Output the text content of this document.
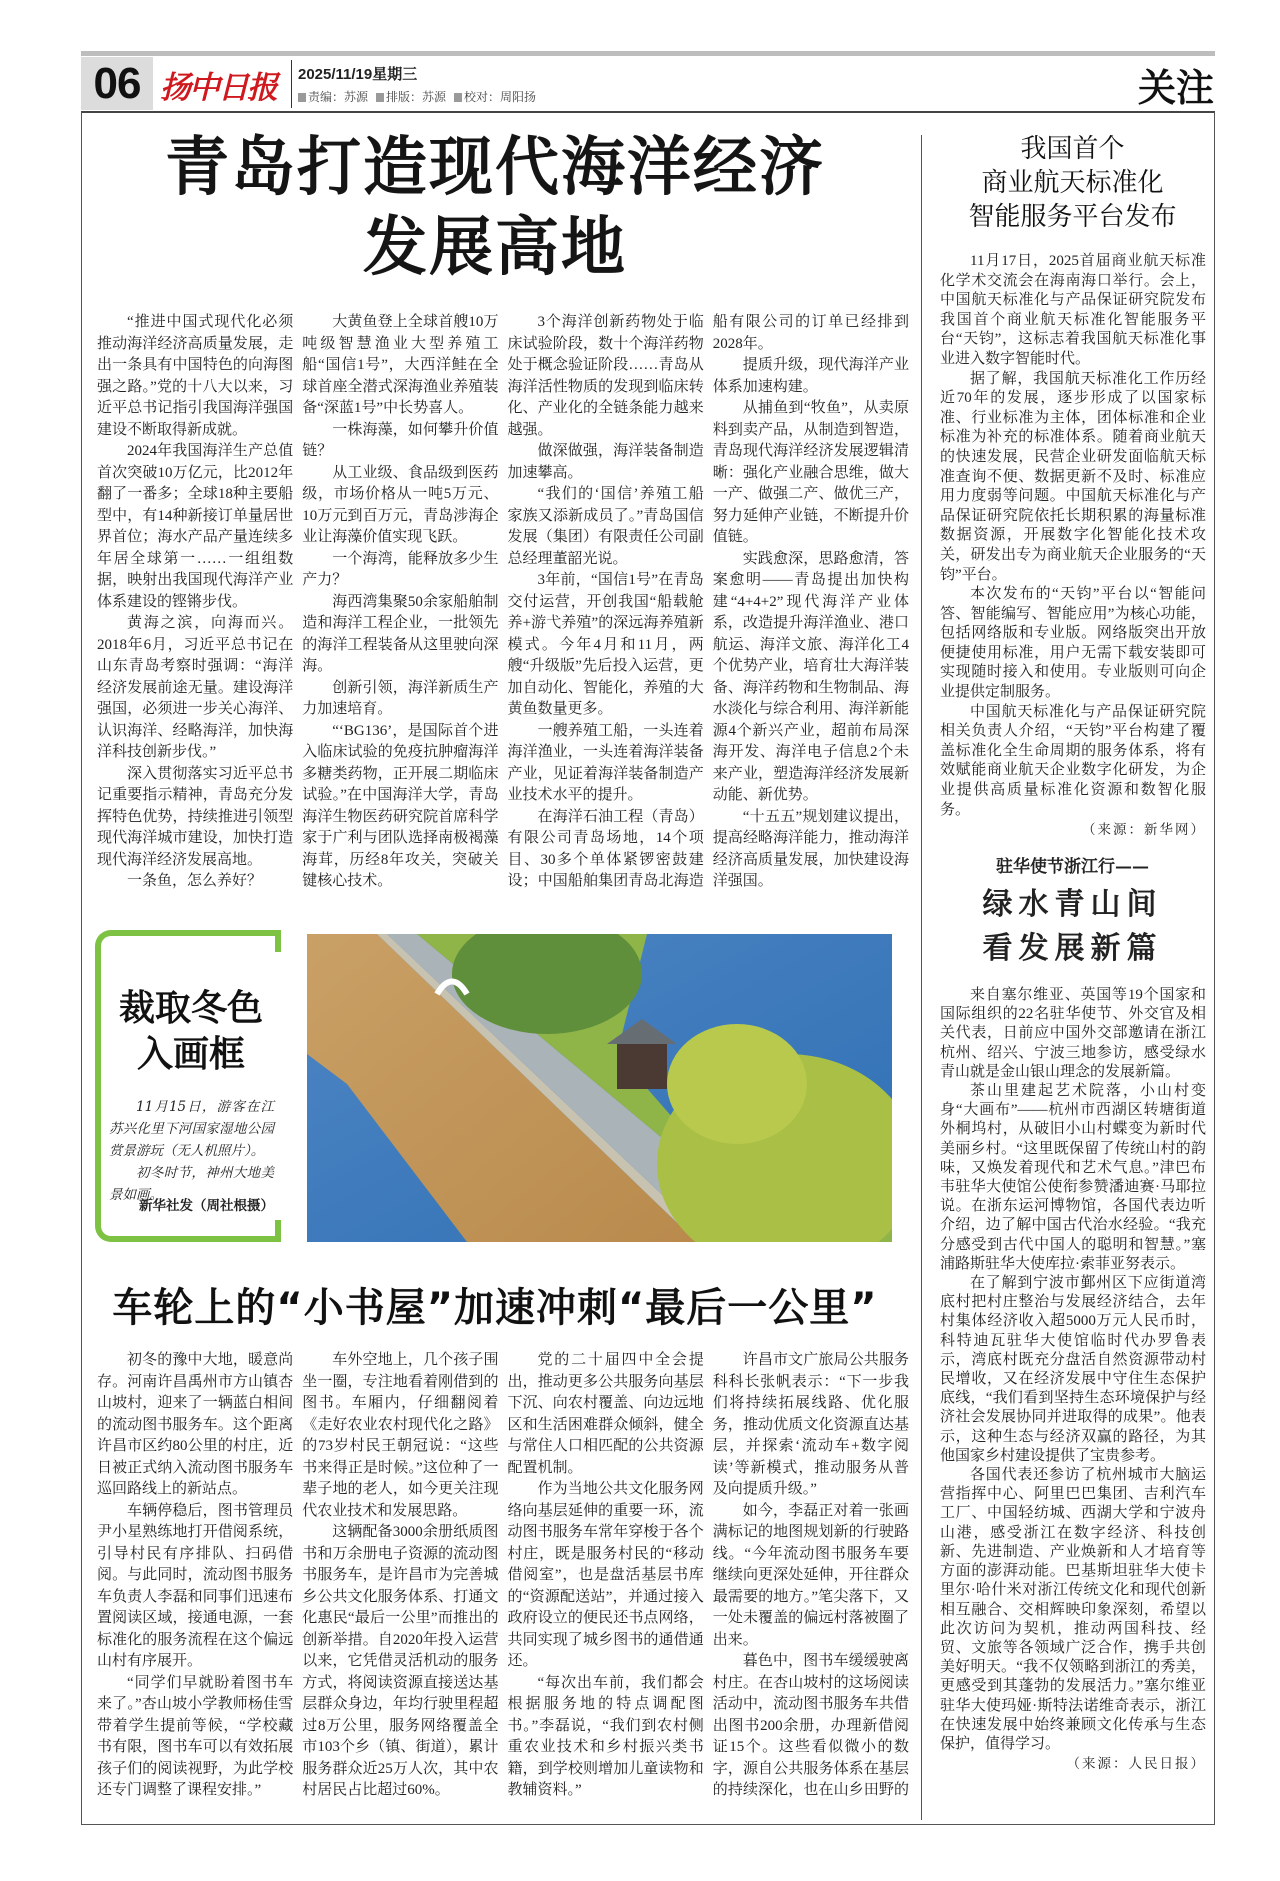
06 扬中日报 2025/11/19星期三
责编：苏源	排版：苏源	校对：周阳扬	关注
青岛打造现代海洋经济
发展高地

“推进中国式现代化必须推动海洋经济高质量发展，走出一条具有中国特色的向海图强之路。”党的十八大以来，习近平总书记指引我国海洋强国建设不断取得新成就。

2024年我国海洋生产总值首次突破10万亿元，比2012年翻了一番多；全球18种主要船型中，有14种新接订单量居世界首位；海水产品产量连续多年居全球第一……一组组数据，映射出我国现代海洋产业体系建设的铿锵步伐。

黄海之滨，向海而兴。2018年6月，习近平总书记在山东青岛考察时强调：“海洋经济发展前途无量。建设海洋强国，必须进一步关心海洋、认识海洋、经略海洋，加快海洋科技创新步伐。”

深入贯彻落实习近平总书记重要指示精神，青岛充分发挥特色优势，持续推进引领型现代海洋城市建设，加快打造现代海洋经济发展高地。

一条鱼，怎么养好？

大黄鱼登上全球首艘10万吨级智慧渔业大型养殖工船“国信1号”，大西洋鲑在全球首座全潜式深海渔业养殖装备“深蓝1号”中长势喜人。

一株海藻，如何攀升价值链？

从工业级、食品级到医药级，市场价格从一吨5万元、10万元到百万元，青岛涉海企业让海藻价值实现飞跃。

一个海湾，能释放多少生产力？

海西湾集聚50余家船舶制造和海洋工程企业，一批领先的海洋工程装备从这里驶向深海。

创新引领，海洋新质生产力加速培育。

“‘BG136’，是国际首个进入临床试验的免疫抗肿瘤海洋多糖类药物，正开展二期临床试验。”在中国海洋大学，青岛海洋生物医药研究院首席科学家于广利与团队选择南极褐藻海茸，历经8年攻关，突破关键核心技术。

3个海洋创新药物处于临床试验阶段，数十个海洋药物处于概念验证阶段……青岛从海洋活性物质的发现到临床转化、产业化的全链条能力越来越强。

做深做强，海洋装备制造加速攀高。

“我们的‘国信’养殖工船家族又添新成员了。”青岛国信发展（集团）有限责任公司副总经理董韶光说。

3年前，“国信1号”在青岛交付运营，开创我国“船载舱养+游弋养殖”的深远海养殖新模式。今年4月和11月，两艘“升级版”先后投入运营，更加自动化、智能化，养殖的大黄鱼数量更多。

一艘养殖工船，一头连着海洋渔业，一头连着海洋装备产业，见证着海洋装备制造产业技术水平的提升。

在海洋石油工程（青岛）有限公司青岛场地，14个项目、30多个单体紧锣密鼓建设；中国船舶集团青岛北海造船有限公司的订单已经排到2028年。

提质升级，现代海洋产业体系加速构建。

从捕鱼到“牧鱼”，从卖原料到卖产品，从制造到智造，青岛现代海洋经济发展逻辑清晰：强化产业融合思维，做大一产、做强二产、做优三产，努力延伸产业链，不断提升价值链。

实践愈深，思路愈清，答案愈明——青岛提出加快构建“4+4+2”现代海洋产业体系，改造提升海洋渔业、港口航运、海洋文旅、海洋化工4个优势产业，培育壮大海洋装备、海洋药物和生物制品、海水淡化与综合利用、海洋新能源4个新兴产业，超前布局深海开发、海洋电子信息2个未来产业，塑造海洋经济发展新动能、新优势。

“十五五”规划建议提出，提高经略海洋能力，推动海洋经济高质量发展，加快建设海洋强国。

我国首个
商业航天标准化
智能服务平台发布

11月17日，2025首届商业航天标准化学术交流会在海南海口举行。会上，中国航天标准化与产品保证研究院发布我国首个商业航天标准化智能服务平台“天钧”，这标志着我国航天标准化事业进入数字智能时代。

据了解，我国航天标准化工作历经近70年的发展，逐步形成了以国家标准、行业标准为主体，团体标准和企业标准为补充的标准体系。随着商业航天的快速发展，民营企业研发面临航天标准查询不便、数据更新不及时、标准应用力度弱等问题。中国航天标准化与产品保证研究院依托长期积累的海量标准数据资源，开展数字化智能化技术攻关，研发出专为商业航天企业服务的“天钧”平台。

本次发布的“天钧”平台以“智能问答、智能编写、智能应用”为核心功能，包括网络版和专业版。网络版突出开放便捷使用标准，用户无需下载安装即可实现随时接入和使用。专业版则可向企业提供定制服务。

中国航天标准化与产品保证研究院相关负责人介绍，“天钧”平台构建了覆盖标准化全生命周期的服务体系，将有效赋能商业航天企业数字化研发，为企业提供高质量标准化资源和数智化服务。

（来源：新华网）
驻华使节浙江行——
绿水青山间
看发展新篇

来自塞尔维亚、英国等19个国家和国际组织的22名驻华使节、外交官及相关代表，日前应中国外交部邀请在浙江杭州、绍兴、宁波三地参访，感受绿水青山就是金山银山理念的发展新篇。

茶山里建起艺术院落，小山村变身“大画布”——杭州市西湖区转塘街道外桐坞村，从破旧小山村蝶变为新时代美丽乡村。“这里既保留了传统山村的韵味，又焕发着现代和艺术气息。”津巴布韦驻华大使馆公使衔参赞潘迪赛·马耶拉说。在浙东运河博物馆，各国代表边听介绍，边了解中国古代治水经验。“我充分感受到古代中国人的聪明和智慧。”塞浦路斯驻华大使库拉·索菲亚努表示。

在了解到宁波市鄞州区下应街道湾底村把村庄整治与发展经济结合，去年村集体经济收入超5000万元人民币时，科特迪瓦驻华大使馆临时代办罗鲁表示，湾底村既充分盘活自然资源带动村民增收，又在经济发展中守住生态保护底线，“我们看到坚持生态环境保护与经济社会发展协同并进取得的成果”。他表示，这种生态与经济双赢的路径，为其他国家乡村建设提供了宝贵参考。

各国代表还参访了杭州城市大脑运营指挥中心、阿里巴巴集团、吉利汽车工厂、中国轻纺城、西湖大学和宁波舟山港，感受浙江在数字经济、科技创新、先进制造、产业焕新和人才培育等方面的澎湃动能。巴基斯坦驻华大使卡里尔·哈什米对浙江传统文化和现代创新相互融合、交相辉映印象深刻，希望以此次访问为契机，推动两国科技、经贸、文旅等各领域广泛合作，携手共创美好明天。“我不仅领略到浙江的秀美，更感受到其蓬勃的发展活力。”塞尔维亚驻华大使玛娅·斯特法诺维奇表示，浙江在快速发展中始终兼顾文化传承与生态保护，值得学习。

（来源：人民日报）
裁取冬色
入画框

11月15日，游客在江苏兴化里下河国家湿地公园赏景游玩（无人机照片）。

初冬时节，神州大地美景如画。

新华社发（周社根摄）
车轮上的“小书屋”加速冲刺“最后一公里”

初冬的豫中大地，暖意尚存。河南许昌禹州市方山镇杏山坡村，迎来了一辆蓝白相间的流动图书服务车。这个距离许昌市区约80公里的村庄，近日被正式纳入流动图书服务车巡回路线上的新站点。

车辆停稳后，图书管理员尹小星熟练地打开借阅系统，引导村民有序排队、扫码借阅。与此同时，流动图书服务车负责人李磊和同事们迅速布置阅读区域，接通电源，一套标准化的服务流程在这个偏远山村有序展开。

“同学们早就盼着图书车来了。”杏山坡小学教师杨佳雪带着学生提前等候，“学校藏书有限，图书车可以有效拓展孩子们的阅读视野，为此学校还专门调整了课程安排。”

车外空地上，几个孩子围坐一圈，专注地看着刚借到的图书。车厢内，仔细翻阅着《走好农业农村现代化之路》的73岁村民王朝冠说：“这些书来得正是时候。”这位种了一辈子地的老人，如今更关注现代农业技术和发展思路。

这辆配备3000余册纸质图书和万余册电子资源的流动图书服务车，是许昌市为完善城乡公共文化服务体系、打通文化惠民“最后一公里”而推出的创新举措。自2020年投入运营以来，它凭借灵活机动的服务方式，将阅读资源直接送达基层群众身边，年均行驶里程超过8万公里，服务网络覆盖全市103个乡（镇、街道），累计服务群众近25万人次，其中农村居民占比超过60%。

党的二十届四中全会提出，推动更多公共服务向基层下沉、向农村覆盖、向边远地区和生活困难群众倾斜，健全与常住人口相匹配的公共资源配置机制。

作为当地公共文化服务网络向基层延伸的重要一环，流动图书服务车常年穿梭于各个村庄，既是服务村民的“移动借阅室”，也是盘活基层书库的“资源配送站”，并通过接入政府设立的便民还书点网络，共同实现了城乡图书的通借通还。

“每次出车前，我们都会根据服务地的特点调配图书。”李磊说，“我们到农村侧重农业技术和乡村振兴类书籍，到学校则增加儿童读物和教辅资料。”

许昌市文广旅局公共服务科科长张帆表示：“下一步我们将持续拓展线路、优化服务，推动优质文化资源直达基层，并探索‘流动车+数字阅读’等新模式，推动服务从普及向提质升级。”

如今，李磊正对着一张画满标记的地图规划新的行驶路线。“今年流动图书服务车要继续向更深处延伸，开往群众最需要的地方。”笔尖落下，又一处未覆盖的偏远村落被圈了出来。

暮色中，图书车缓缓驶离村庄。在杏山坡村的这场阅读活动中，流动图书服务车共借出图书200余册，办理新借阅证15个。这些看似微小的数字，源自公共服务体系在基层的持续深化，也在山乡田野的
